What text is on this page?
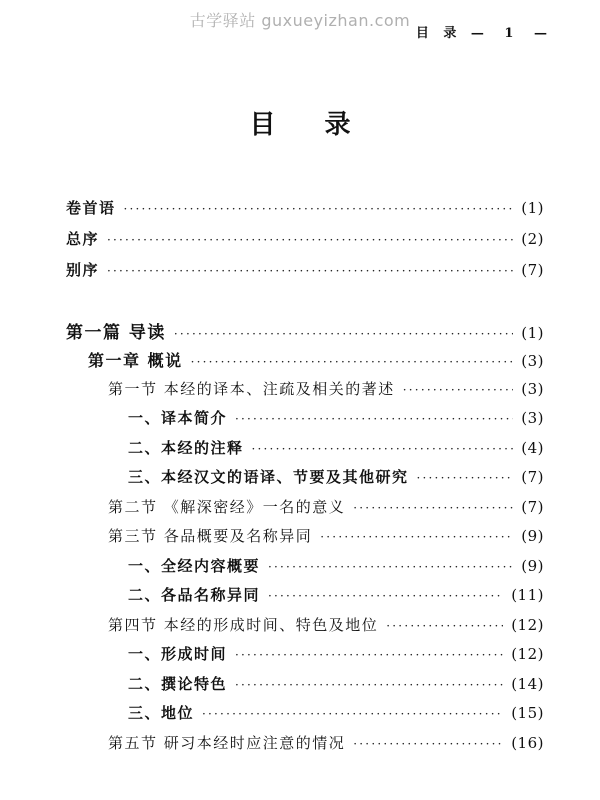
古学驿站 guxueyizhan.com
目 录 — 1 —
目 录
卷首语 ·····	(1)
总序 ·····	(2)
别序 ·····	(7)
第一篇 导读 ·····	(1)
第一章 概说 ·····	(3)
第一节 本经的译本、注疏及相关的著述 ·····	(3)
一、译本简介 ·····	(3)
二、本经的注释 ·····	(4)
三、本经汉文的语译、节要及其他研究 ·····	(7)
第二节 《解深密经》一名的意义 ·····	(7)
第三节 各品概要及名称异同 ·····	(9)
一、全经内容概要 ·····	(9)
二、各品名称异同 ·····	(11)
第四节 本经的形成时间、特色及地位 ·····	(12)
一、形成时间 ·····	(12)
二、撰论特色 ·····	(14)
三、地位 ·····	(15)
第五节 研习本经时应注意的情况 ·····	(16)
